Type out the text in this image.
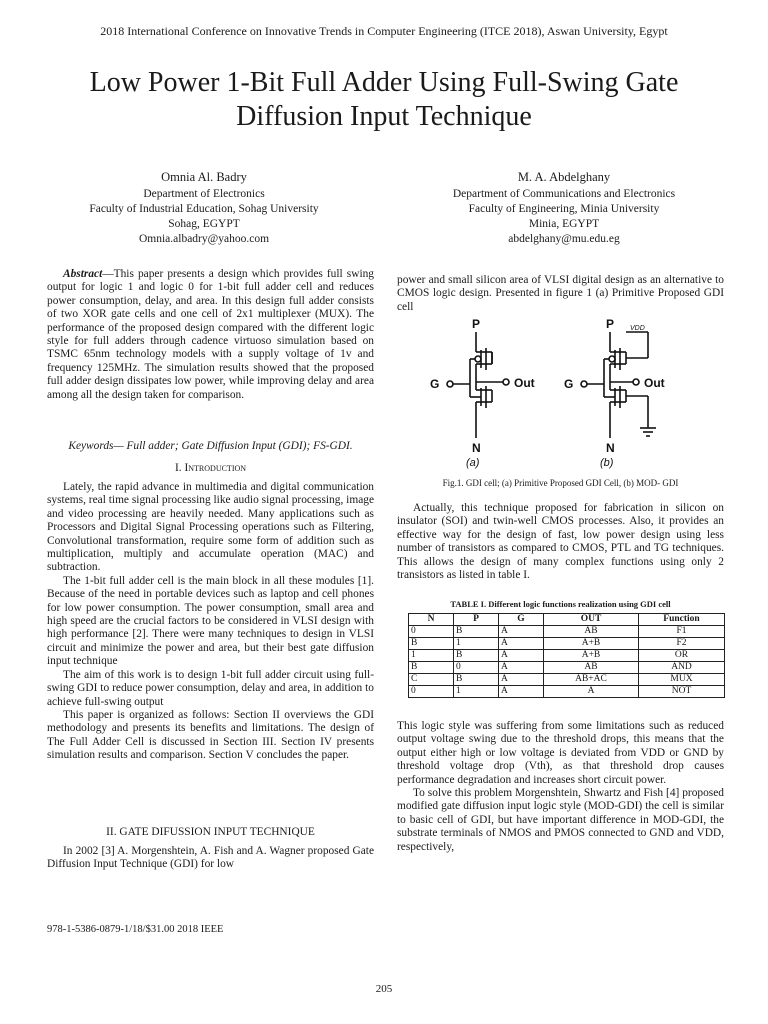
2018 International Conference on Innovative Trends in Computer Engineering (ITCE 2018), Aswan University, Egypt
Low Power 1-Bit Full Adder Using Full-Swing Gate Diffusion Input Technique
Omnia Al. Badry
Department of Electronics
Faculty of Industrial Education, Sohag University
Sohag, EGYPT
Omnia.albadry@yahoo.com
M. A. Abdelghany
Department of Communications and Electronics
Faculty of Engineering, Minia University
Minia, EGYPT
abdelghany@mu.edu.eg

Abstract—This paper presents a design which provides full swing output for logic 1 and logic 0 for 1-bit full adder cell and reduces power consumption, delay, and area. In this design full adder consists of two XOR gate cells and one cell of 2x1 multiplexer (MUX). The performance of the proposed design compared with the different logic style for full adders through cadence virtuoso simulation based on TSMC 65nm technology models with a supply voltage of 1v and frequency 125MHz. The simulation results showed that the proposed full adder design dissipates low power, while improving delay and area among all the design taken for comparison.

Keywords— Full adder; Gate Diffusion Input (GDI); FS-GDI.
I. Introduction

Lately, the rapid advance in multimedia and digital communication systems, real time signal processing like audio signal processing, image and video processing are heavily needed. Many applications such as Processors and Digital Signal Processing operations such as Filtering, Convolutional transformation, require some form of addition such as multiplication, multiply and accumulate operation (MAC) and subtraction.

The 1-bit full adder cell is the main block in all these modules [1]. Because of the need in portable devices such as laptop and cell phones for low power consumption. The power consumption, small area and high speed are the crucial factors to be considered in VLSI design with high performance [2]. There were many techniques to design in VLSI circuit and minimize the power and area, but their best gate diffusion input technique

The aim of this work is to design 1-bit full adder circuit using full-swing GDI to reduce power consumption, delay and area, in addition to achieve full-swing output

This paper is organized as follows: Section II overviews the GDI methodology and presents its benefits and limitations. The design of The Full Adder Cell is discussed in Section III. Section IV presents simulation results and comparison. Section V concludes the paper.

II. GATE DIFUSSION INPUT TECHNIQUE

In 2002 [3] A. Morgenshtein, A. Fish and A. Wagner proposed Gate Diffusion Input Technique (GDI) for low

power and small silicon area of VLSI digital design as an alternative to CMOS logic design. Presented in figure 1 (a) Primitive Proposed GDI cell

P
G	Out
N
(a)
P VDD
G	Out
N
(b)
Fig.1. GDI cell; (a) Primitive Proposed GDI Cell, (b) MOD- GDI

Actually, this technique proposed for fabrication in silicon on insulator (SOI) and twin-well CMOS processes. Also, it provides an effective way for the design of fast, low power design using less number of transistors as compared to CMOS, PTL and TG techniques. This allows the design of many complex functions using only 2 transistors as listed in table I.

TABLE I. Different logic functions realization using GDI cell
N	P	G	OUT	Function
0	B	A	A̅B	F1
B	1	A	A̅+B	F2
1	B	A	A+B	OR
B	0	A	AB	AND
C	B	A	A̅B+AC	MUX
0	1	A	A̅	NOT

This logic style was suffering from some limitations such as reduced output voltage swing due to the threshold drops, this means that the output either high or low voltage is deviated from VDD or GND by threshold voltage drop (Vth), as that threshold drop causes performance degradation and increases short circuit power.

To solve this problem Morgenshtein, Shwartz and Fish [4] proposed modified gate diffusion input logic style (MOD-GDI) the cell is similar to basic cell of GDI, but have important difference in MOD-GDI, the substrate terminals of NMOS and PMOS connected to GND and VDD, respectively,

978-1-5386-0879-1/18/$31.00 2018 IEEE
205
